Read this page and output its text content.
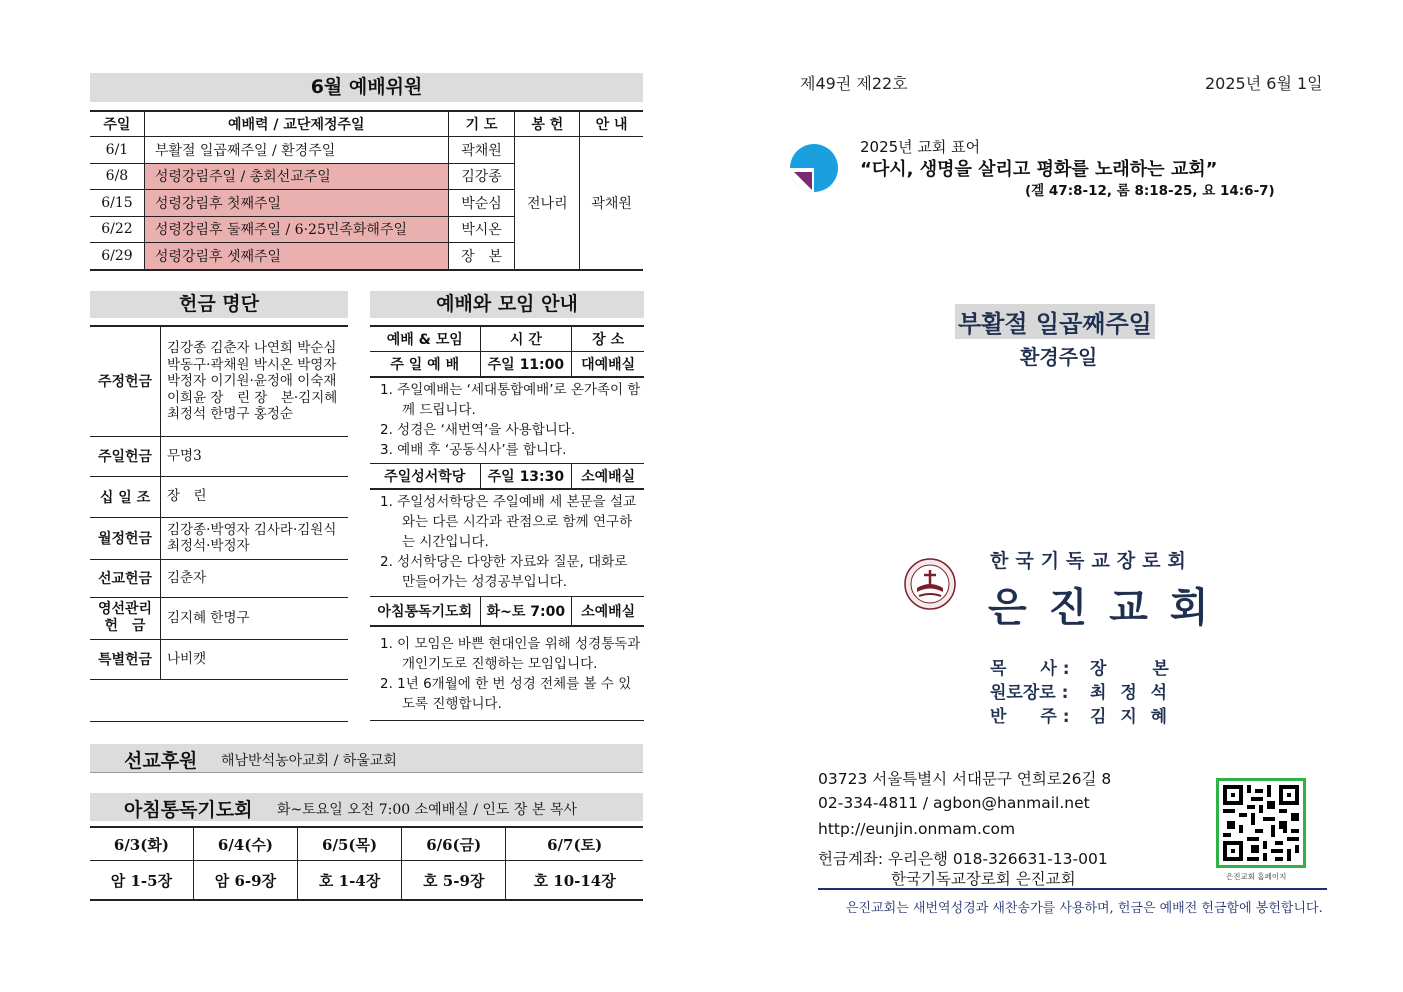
6월 예배위원
주일	예배력 / 교단제정주일	기 도	봉 헌	안 내
6/1	부활절 일곱째주일 / 환경주일	곽채원	전나리	곽채원
6/8	성령강림주일 / 총회선교주일	김강종		
6/15	성령강림후 첫째주일	박순심		
6/22	성령강림후 둘째주일 / 6·25민족화해주일	박시온		
6/29	성령강림후 셋째주일	장　본		
헌금 명단
주정헌금	김강종 김춘자 나연희 박순심
박동구·곽채원 박시온 박영자
박정자 이기원·윤정애 이숙재
이희윤 장　린 장　본·김지혜
최정석 한명구 홍정순

주일헌금	무명3
십 일 조	장　린
월정헌금	김강종·박영자 김사라·김원식
최정석·박정자

선교헌금	김춘자

영선관리
헌　금	김지혜 한명구
특별헌금	나비캣

예배와 모임 안내
예배 & 모임	시 간	장 소
주 일 예 배	주일 11:00	대예배실
1. 주일예배는 ‘세대통합예배’로 온가족이 함께 드립니다.
2. 성경은 ‘새번역’을 사용합니다.
3. 예배 후 ‘공동식사’를 합니다.
주일성서학당	주일 13:30	소예배실
1. 주일성서학당은 주일예배 세 본문을 설교와는 다른 시각과 관점으로 함께 연구하는 시간입니다.
2. 성서학당은 다양한 자료와 질문, 대화로 만들어가는 성경공부입니다.
아침통독기도회	화~토 7:00	소예배실
1. 이 모임은 바쁜 현대인을 위해 성경통독과 개인기도로 진행하는 모임입니다.
2. 1년 6개월에 한 번 성경 전체를 볼 수 있도록 진행합니다.
선교후원 해남반석농아교회 / 하울교회
아침통독기도회 화~토요일 오전 7:00 소예배실 / 인도 장 본 목사
6/3(화)	6/4(수)	6/5(목)	6/6(금)	6/7(토)
암 1-5장	암 6-9장	호 1-4장	호 5-9장	호 10-14장
제49권 제22호	2025년 6월 1일
2025년 교회 표어
“다시, 생명을 살리고 평화를 노래하는 교회”
(겔 47:8-12, 롬 8:18-25, 요 14:6-7)
부활절 일곱째주일
환경주일
한국기독교장로회
은 진 교 회
목　　사 : 장　　본
원로장로 : 최 정 석
반　　주 : 김 지 혜
03723 서울특별시 서대문구 연희로26길 8
02-334-4811 / agbon@hanmail.net
http://eunjin.onmam.com
헌금계좌: 우리은행 018-326631-13-001
한국기독교장로회 은진교회	은진교회 홈페이지
은진교회는 새번역성경과 새찬송가를 사용하며, 헌금은 예배전 헌금함에 봉헌합니다.
